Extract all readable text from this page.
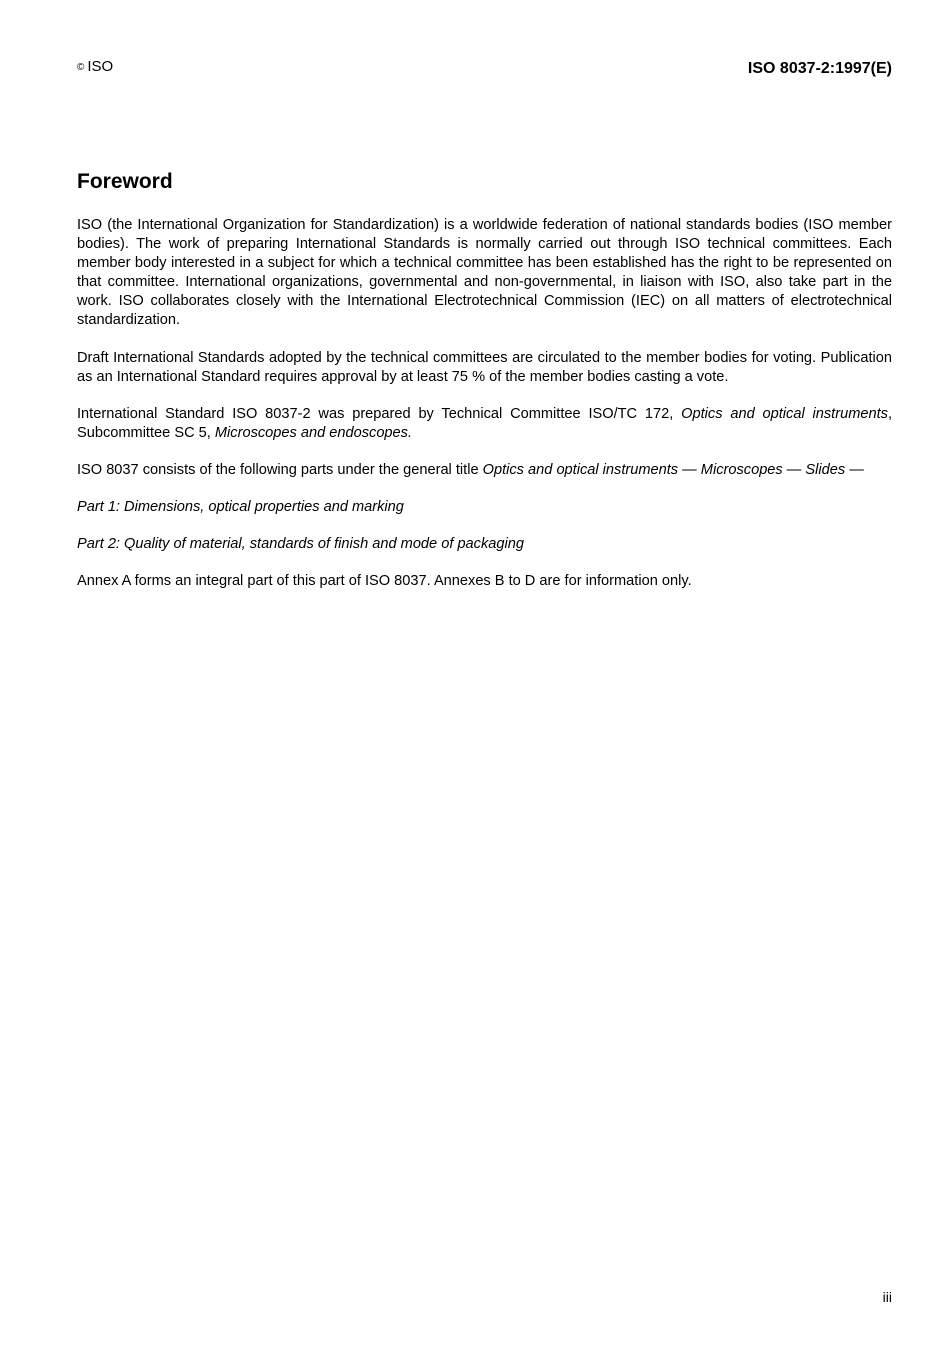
© ISO	ISO 8037-2:1997(E)
Foreword

ISO (the International Organization for Standardization) is a worldwide federation of national standards bodies (ISO member bodies). The work of preparing International Standards is normally carried out through ISO technical committees. Each member body interested in a subject for which a technical committee has been established has the right to be represented on that committee. International organizations, governmental and non-governmental, in liaison with ISO, also take part in the work. ISO collaborates closely with the International Electrotechnical Commission (IEC) on all matters of electrotechnical standardization.

Draft International Standards adopted by the technical committees are circulated to the member bodies for voting. Publication as an International Standard requires approval by at least 75 % of the member bodies casting a vote.

International Standard ISO 8037-2 was prepared by Technical Committee ISO/TC 172, Optics and optical instruments, Subcommittee SC 5, Microscopes and endoscopes.

ISO 8037 consists of the following parts under the general title Optics and optical instruments — Microscopes — Slides —

Part 1: Dimensions, optical properties and marking

Part 2: Quality of material, standards of finish and mode of packaging

Annex A forms an integral part of this part of ISO 8037. Annexes B to D are for information only.

iii
